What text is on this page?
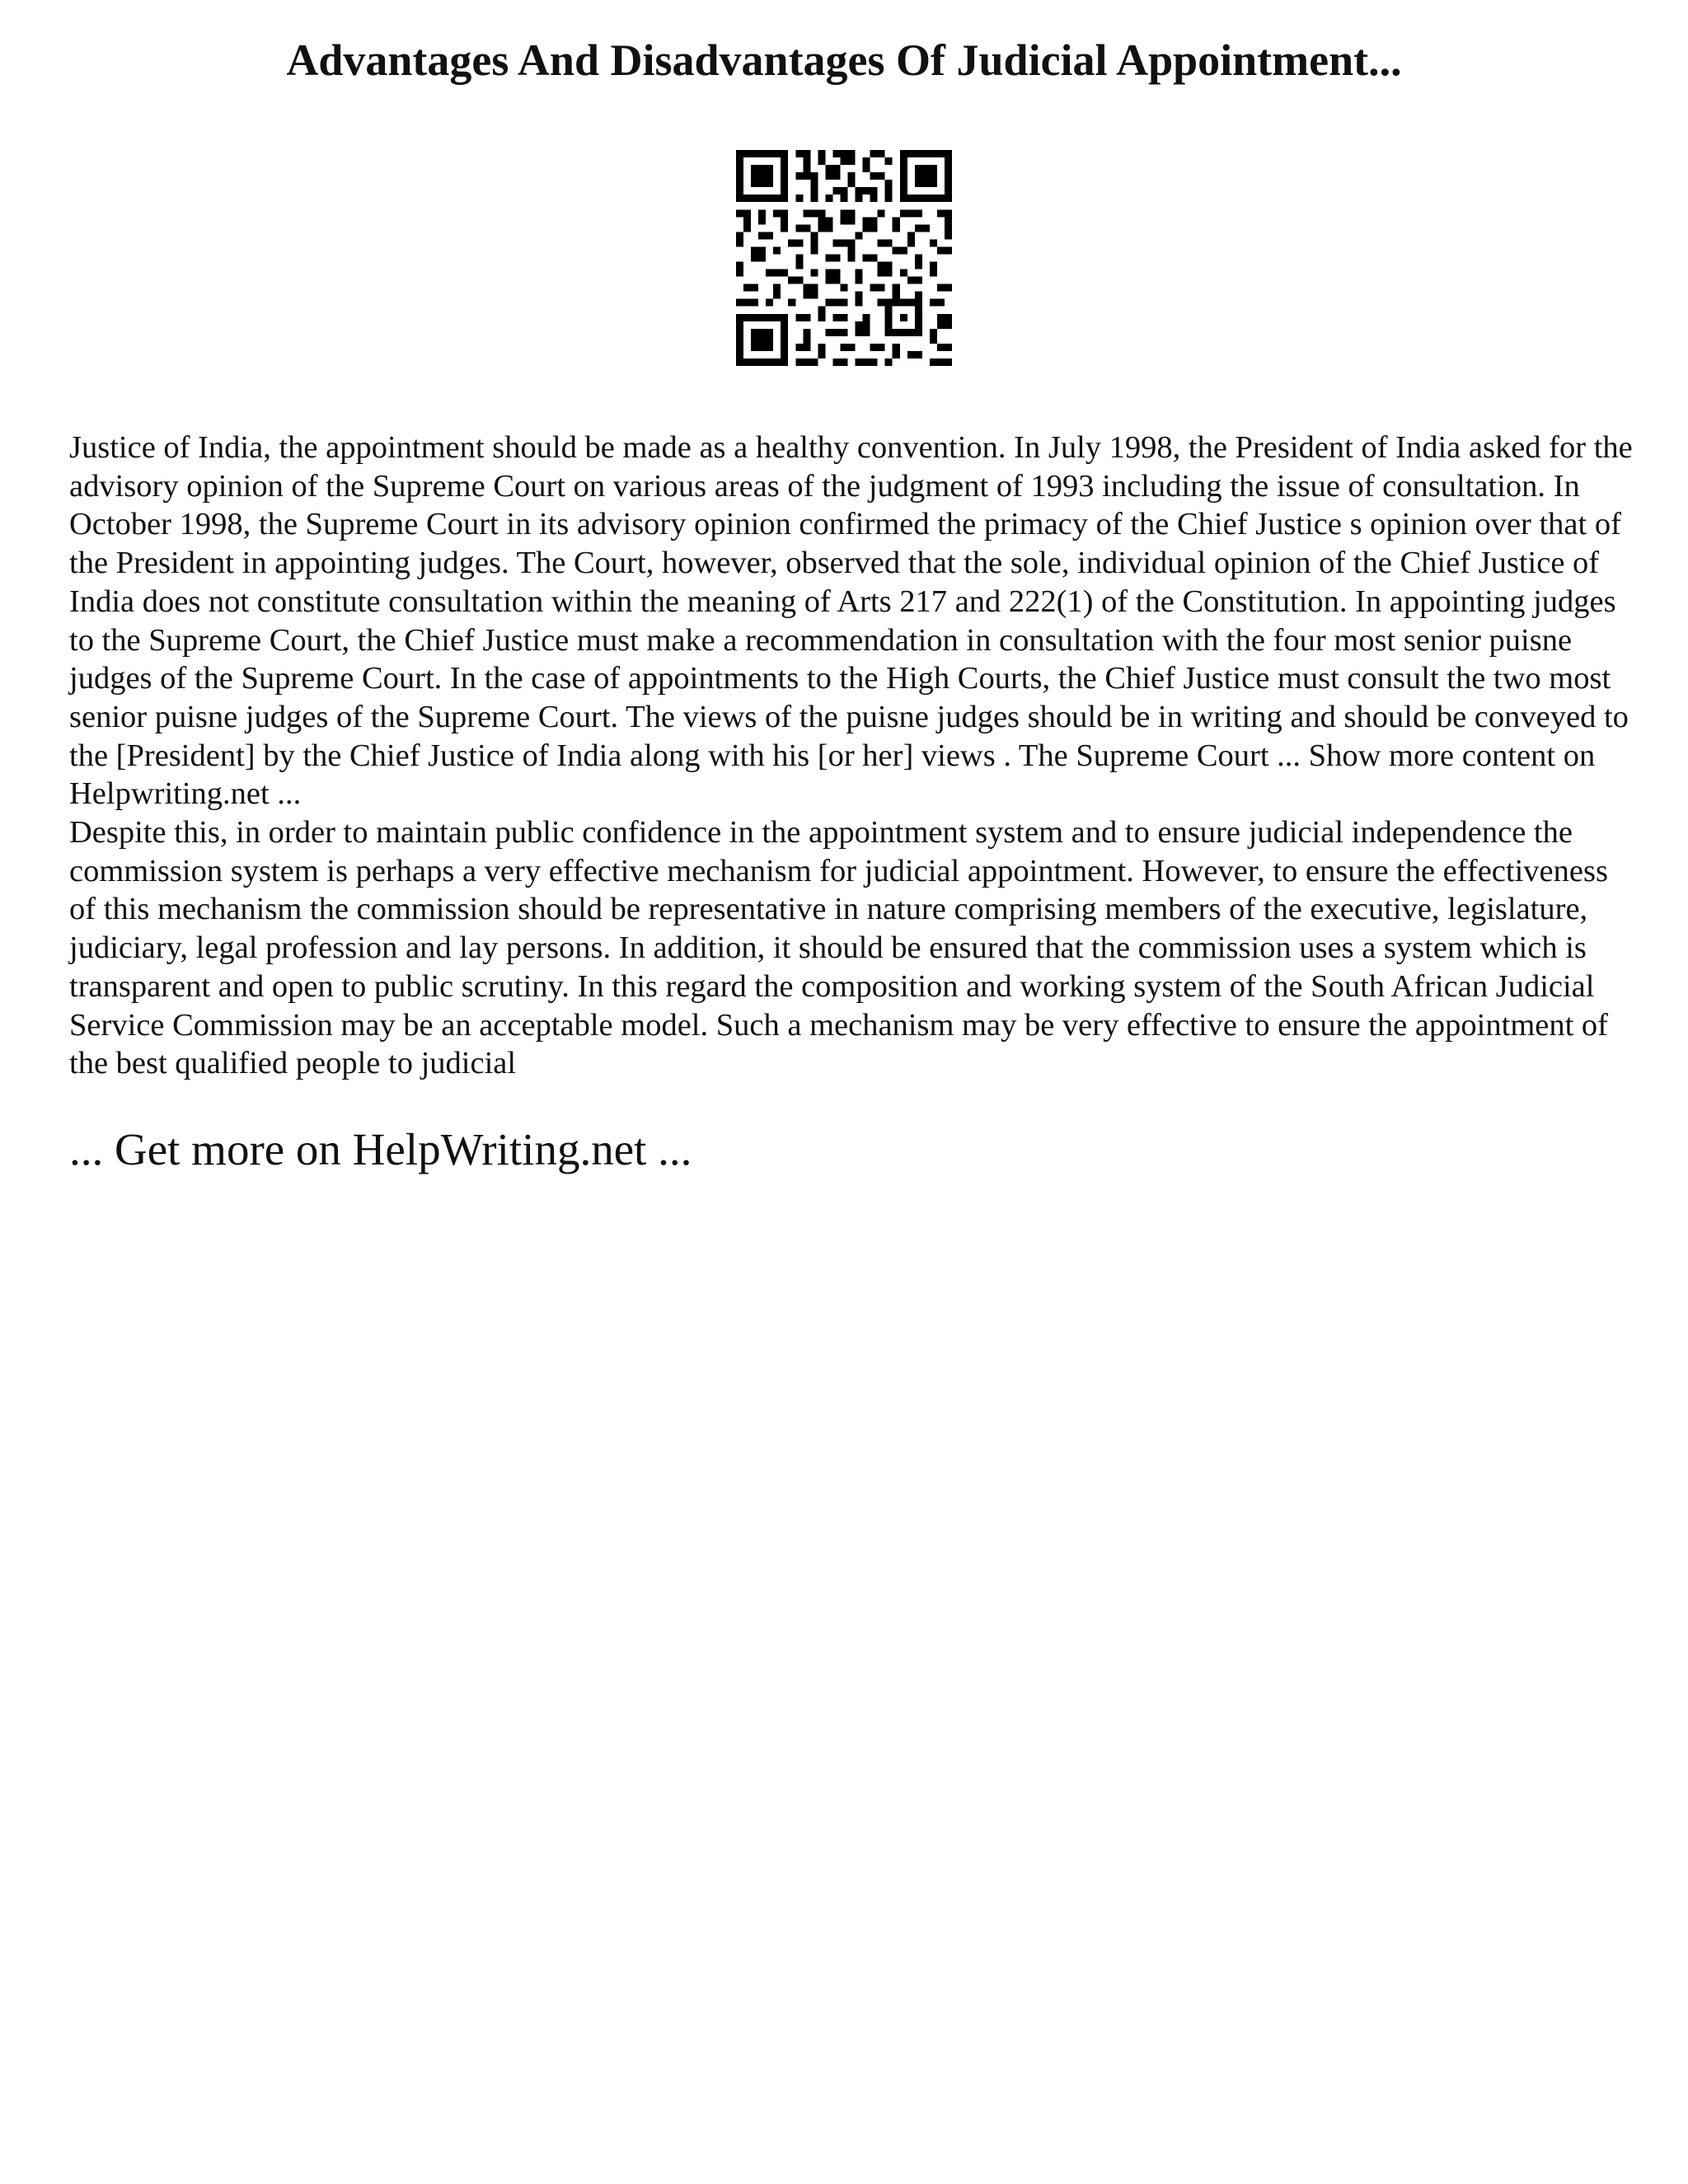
Advantages And Disadvantages Of Judicial Appointment...

Justice of India, the appointment should be made as a healthy convention. In July 1998, the President of India asked for the advisory opinion of the Supreme Court on various areas of the judgment of 1993 including the issue of consultation. In October 1998, the Supreme Court in its advisory opinion confirmed the primacy of the Chief Justice s opinion over that of the President in appointing judges. The Court, however, observed that the sole, individual opinion of the Chief Justice of India does not constitute consultation within the meaning of Arts 217 and 222(1) of the Constitution. In appointing judges to the Supreme Court, the Chief Justice must make a recommendation in consultation with the four most senior puisne judges of the Supreme Court. In the case of appointments to the High Courts, the Chief Justice must consult the two most senior puisne judges of the Supreme Court. The views of the puisne judges should be in writing and should be conveyed to the [President] by the Chief Justice of India along with his [or her] views . The Supreme Court ... Show more content on Helpwriting.net ...

Despite this, in order to maintain public confidence in the appointment system and to ensure judicial independence the commission system is perhaps a very effective mechanism for judicial appointment. However, to ensure the effectiveness of this mechanism the commission should be representative in nature comprising members of the executive, legislature, judiciary, legal profession and lay persons. In addition, it should be ensured that the commission uses a system which is transparent and open to public scrutiny. In this regard the composition and working system of the South African Judicial Service Commission may be an acceptable model. Such a mechanism may be very effective to ensure the appointment of the best qualified people to judicial

... Get more on HelpWriting.net ...
